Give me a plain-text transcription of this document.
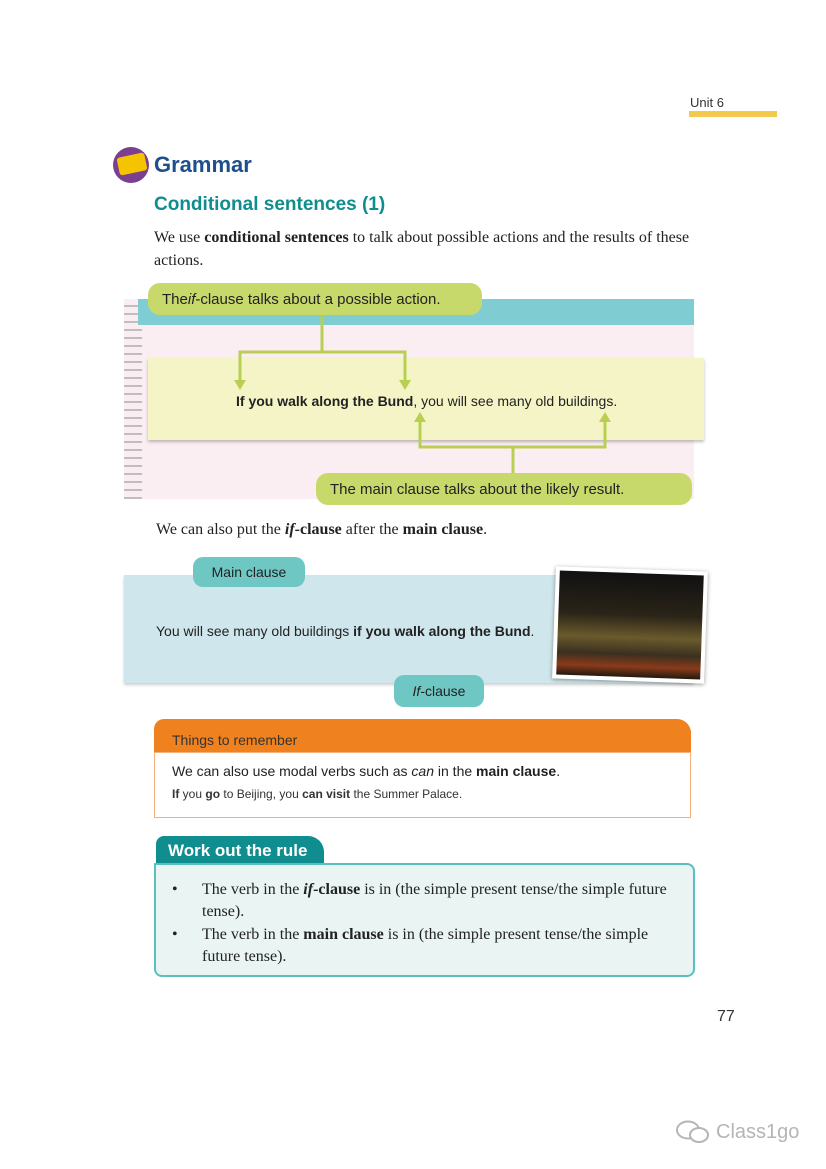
Unit 6
Grammar
Conditional sentences (1)
We use conditional sentences to talk about possible actions and the results of these actions.
The if -clause talks about a possible action.
If you walk along the Bund, you will see many old buildings.
The main clause talks about the likely result.
We can also put the if-clause after the main clause.
Main clause
You will see many old buildings if you walk along the Bund.
If -clause
Things to remember
We can also use modal verbs such as can in the main clause.
If you go to Beijing, you can visit the Summer Palace.
Work out the rule
• The verb in the if-clause is in (the simple present tense/the simple future tense).
• The verb in the main clause is in (the simple present tense/the simple future tense).
77
Class1go
